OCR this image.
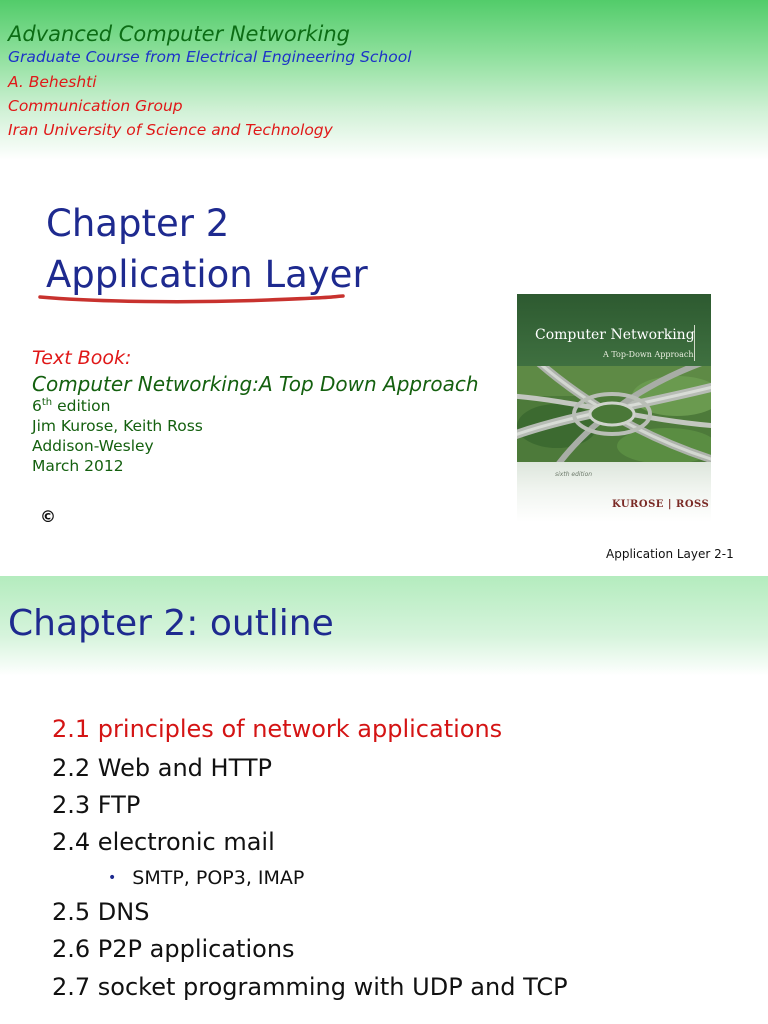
Advanced Computer Networking
Graduate Course from Electrical Engineering School
A. Beheshti
Communication Group
Iran University of Science and Technology
Chapter 2
Application Layer
Text Book:
Computer Networking:A Top Down Approach
6th edition
Jim Kurose, Keith Ross
Addison-Wesley
March 2012
©
Computer Networking
A Top-Down Approach
sixth edition
KUROSE | ROSS
Application Layer 2-1
Chapter 2: outline
2.1 principles of network applications
2.2 Web and HTTP
2.3 FTP
2.4 electronic mail
• SMTP, POP3, IMAP
2.5 DNS
2.6 P2P applications
2.7 socket programming with UDP and TCP
